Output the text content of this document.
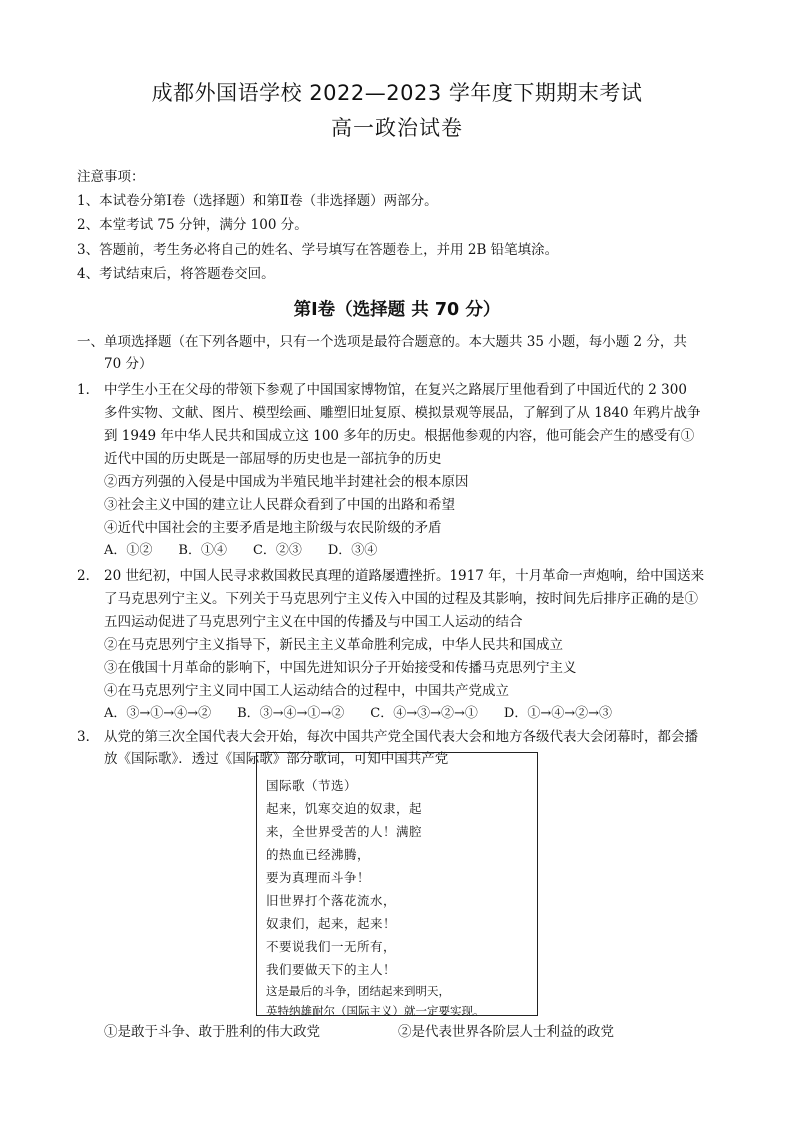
成都外国语学校 2022—2023 学年度下期期末考试
高一政治试卷
注意事项：
1、本试卷分第Ⅰ卷（选择题）和第Ⅱ卷（非选择题）两部分。
2、本堂考试 75 分钟，满分 100 分。
3、答题前，考生务必将自己的姓名、学号填写在答题卷上，并用 2B 铅笔填涂。
4、考试结束后，将答题卷交回。
第Ⅰ卷（选择题 共 70 分）
一、单项选择题（在下列各题中，只有一个选项是最符合题意的。本大题共 35 小题，每小题 2 分，共
70 分）
1． 中学生小王在父母的带领下参观了中国国家博物馆，在复兴之路展厅里他看到了中国近代的 2 300
多件实物、文献、图片、模型绘画、雕塑旧址复原、模拟景观等展品，了解到了从 1840 年鸦片战争
到 1949 年中华人民共和国成立这 100 多年的历史。根据他参观的内容，他可能会产生的感受有①
近代中国的历史既是一部屈辱的历史也是一部抗争的历史
②西方列强的入侵是中国成为半殖民地半封建社会的根本原因
③社会主义中国的建立让人民群众看到了中国的出路和希望
④近代中国社会的主要矛盾是地主阶级与农民阶级的矛盾
A．①②　　B．①④　　C．②③　　D．③④
2． 20 世纪初，中国人民寻求救国救民真理的道路屡遭挫折。1917 年，十月革命一声炮响，给中国送来
了马克思列宁主义。下列关于马克思列宁主义传入中国的过程及其影响，按时间先后排序正确的是①
五四运动促进了马克思列宁主义在中国的传播及与中国工人运动的结合
②在马克思列宁主义指导下，新民主主义革命胜利完成，中华人民共和国成立
③在俄国十月革命的影响下，中国先进知识分子开始接受和传播马克思列宁主义
④在马克思列宁主义同中国工人运动结合的过程中，中国共产党成立
A．③→①→④→②　　B．③→④→①→②　　C．④→③→②→①　　D．①→④→②→③
3． 从党的第三次全国代表大会开始，每次中国共产党全国代表大会和地方各级代表大会闭幕时，都会播
放《国际歌》．透过《国际歌》部分歌词，可知中国共产党
国际歌（节选）
起来，饥寒交迫的奴隶，起
来，全世界受苦的人！满腔
的热血已经沸腾，
要为真理而斗争！
旧世界打个落花流水，
奴隶们，起来，起来！
不要说我们一无所有，
我们要做天下的主人！
这是最后的斗争，团结起来到明天，
英特纳雄耐尔（国际主义）就一定要实现。
①是敢于斗争、敢于胜利的伟大政党	②是代表世界各阶层人士利益的政党
